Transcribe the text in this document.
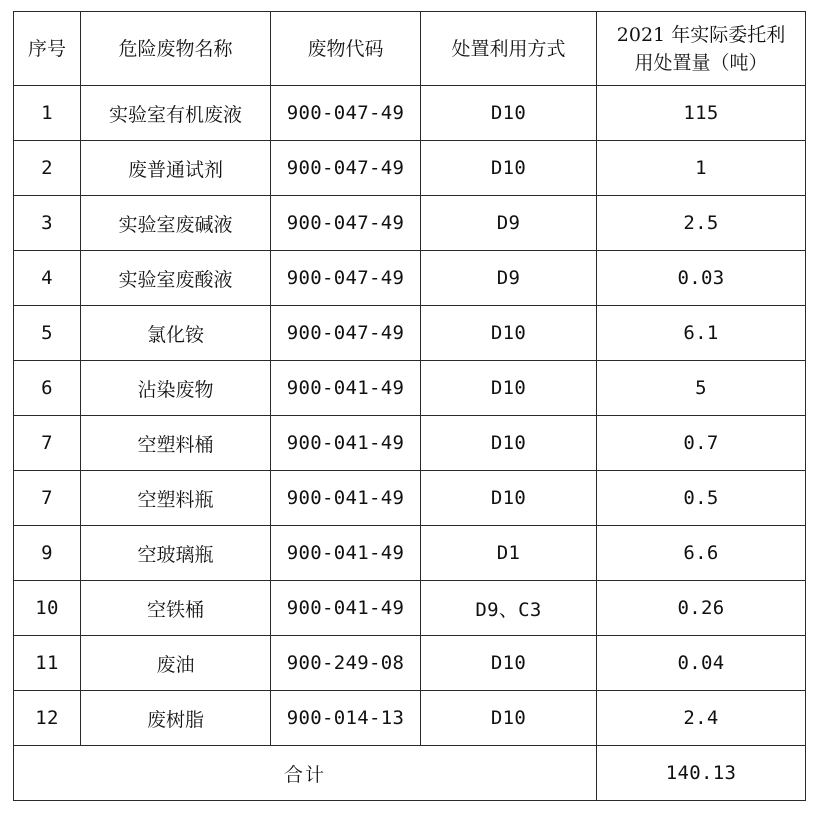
序号	危险废物名称	废物代码	处置利用方式	2021 年实际委托利
用处置量（吨）

1	实验室有机废液	900-047-49	D10	115
2	废普通试剂	900-047-49	D10	1
3	实验室废碱液	900-047-49	D9	2.5
4	实验室废酸液	900-047-49	D9	0.03
5	氯化铵	900-047-49	D10	6.1
6	沾染废物	900-041-49	D10	5
7	空塑料桶	900-041-49	D10	0.7
7	空塑料瓶	900-041-49	D10	0.5
9	空玻璃瓶	900-041-49	D1	6.6
10	空铁桶	900-041-49	D9、C3	0.26
11	废油	900-249-08	D10	0.04
12	废树脂	900-014-13	D10	2.4
合计				140.13
